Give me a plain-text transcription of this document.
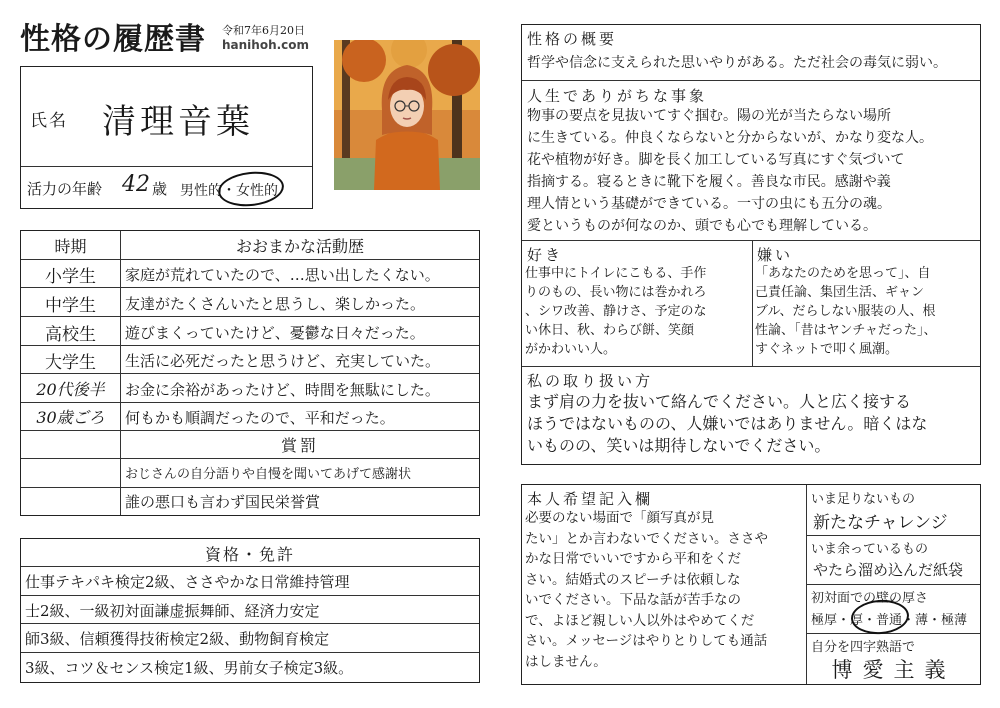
性格の履歴書 令和7年6月20日
hanihoh.com
氏名 清理音葉
活力の年齢 42 歳 男性的・女性的
時期	おおまかな活動歴
小学生	家庭が荒れていたので、…思い出したくない。
中学生	友達がたくさんいたと思うし、楽しかった。
高校生	遊びまくっていたけど、憂鬱な日々だった。
大学生	生活に必死だったと思うけど、充実していた。
20代後半	お金に余裕があったけど、時間を無駄にした。
30歳ごろ	何もかも順調だったので、平和だった。
賞罰
おじさんの自分語りや自慢を聞いてあげて感謝状
誰の悪口も言わず国民栄誉賞
資格・免許
仕事テキパキ検定2級、ささやかな日常維持管理
士2級、一級初対面謙虚振舞師、経済力安定
師3級、信頼獲得技術検定2級、動物飼育検定
3級、コツ＆センス検定1級、男前女子検定3級。
性格の概要
哲学や信念に支えられた思いやりがある。ただ社会の毒気に弱い。
人生でありがちな事象
物事の要点を見抜いてすぐ掴む。陽の光が当たらない場所
に生きている。仲良くならないと分からないが、かなり変な人。
花や植物が好き。脚を長く加工している写真にすぐ気づいて
指摘する。寝るときに靴下を履く。善良な市民。感謝や義
理人情という基礎ができている。一寸の虫にも五分の魂。
愛というものが何なのか、頭でも心でも理解している。
好き
仕事中にトイレにこもる、手作
りのもの、長い物には巻かれろ
、シワ改善、静けさ、予定のな
い休日、秋、わらび餅、笑顔
がかわいい人。
嫌い
「あなたのためを思って」、自
己責任論、集団生活、ギャン
ブル、だらしない服装の人、根
性論、「昔はヤンチャだった」、
すぐネットで叩く風潮。
私の取り扱い方
まず肩の力を抜いて絡んでください。人と広く接する
ほうではないものの、人嫌いではありません。暗くはな
いものの、笑いは期待しないでください。
本人希望記入欄
必要のない場面で「顔写真が見
たい」とか言わないでください。ささや
かな日常でいいですから平和をくだ
さい。結婚式のスピーチは依頼しな
いでください。下品な話が苦手なの
で、よほど親しい人以外はやめてくだ
さい。メッセージはやりとりしても通話
はしません。
いま足りないもの
新たなチャレンジ
いま余っているもの
やたら溜め込んだ紙袋
初対面での壁の厚さ
極厚・厚・普通・薄・極薄
自分を四字熟語で
博愛主義
